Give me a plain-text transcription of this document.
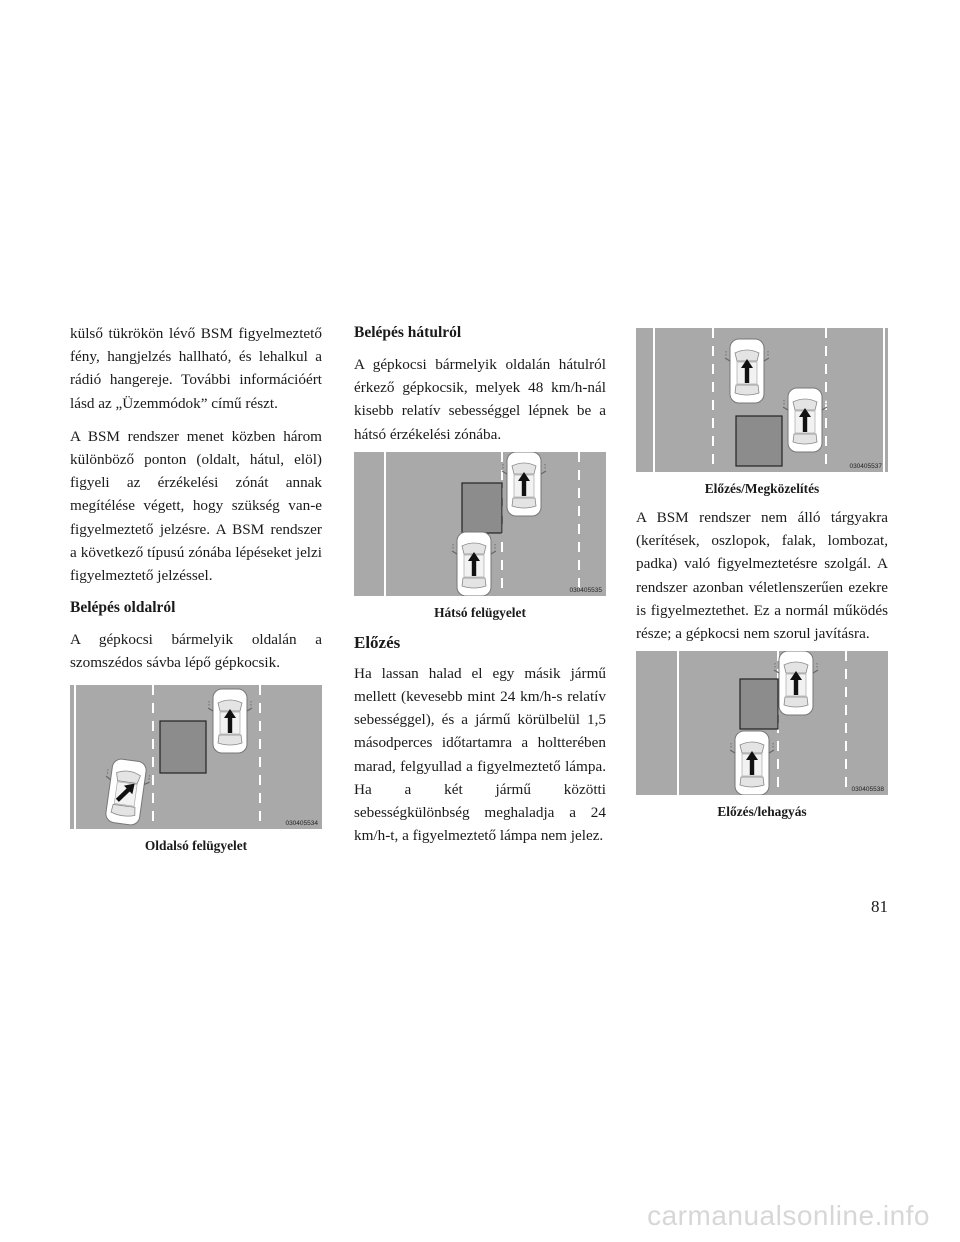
külső tükrökön lévő BSM figyelmeztető fény, hangjelzés hallható, és lehalkul a rádió hangereje. További információért lásd az „Üzemmódok” című részt.

A BSM rendszer menet közben három különböző ponton (oldalt, hátul, elöl) figyeli az érzékelési zónát annak megítélése végett, hogy szükség van-e figyelmeztető jelzésre. A BSM rendszer a következő típusú zónába lépéseket jelzi figyelmeztető jelzéssel.

Belépés oldalról

A gépkocsi bármelyik oldalán a szomszédos sávba lépő gépkocsik.

030405534
Oldalsó felügyelet
Belépés hátulról

A gépkocsi bármelyik oldalán hátulról érkező gépkocsik, melyek 48 km/h-nál kisebb relatív sebességgel lépnek be a hátsó érzékelési zónába.

030405535
Hátsó felügyelet
Előzés

Ha lassan halad el egy másik jármű mellett (kevesebb mint 24 km/h-s relatív sebességgel), és a jármű körülbelül 1,5 másodperces időtartamra a holtterében marad, felgyullad a figyelmeztető lámpa. Ha a két jármű közötti sebességkülönbség meghaladja a 24 km/h-t, a figyelmeztető lámpa nem jelez.

030405537
Előzés/Megközelítés

A BSM rendszer nem álló tárgyakra (kerítések, oszlopok, falak, lombozat, padka) való figyelmeztetésre szolgál. A rendszer azonban véletlenszerűen ezekre is figyelmeztethet. Ez a normál működés része; a gépkocsi nem szorul javításra.

030405538
Előzés/lehagyás
81
carmanualsonline.info
